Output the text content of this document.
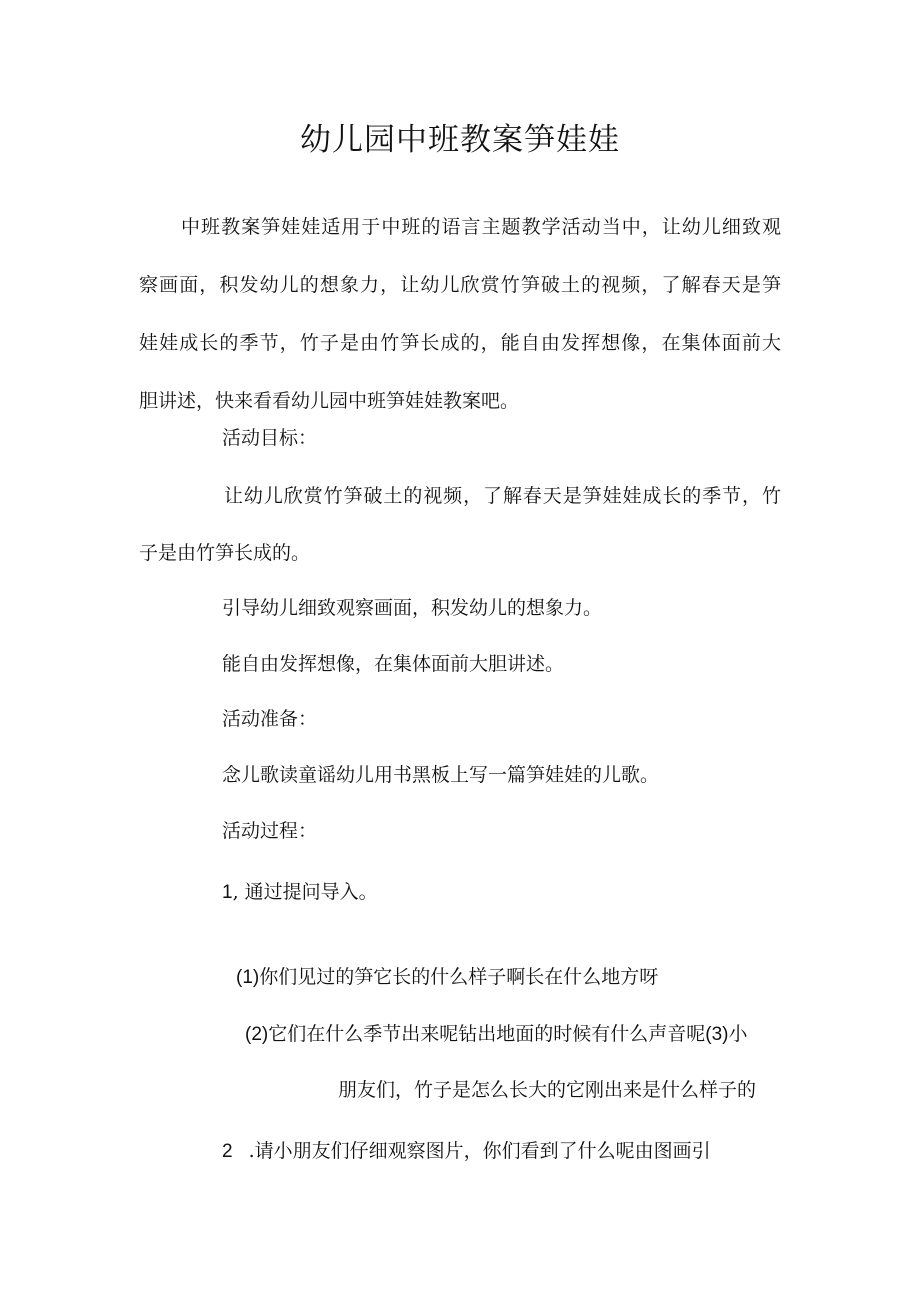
幼儿园中班教案笋娃娃
中班教案笋娃娃适用于中班的语言主题教学活动当中，让幼儿细致观
察画面，积发幼儿的想象力，让幼儿欣赏竹笋破土的视频，了解春天是笋
娃娃成长的季节，竹子是由竹笋长成的，能自由发挥想像，在集体面前大
胆讲述，快来看看幼儿园中班笋娃娃教案吧。
活动目标：
让幼儿欣赏竹笋破土的视频，了解春天是笋娃娃成长的季节，竹
子是由竹笋长成的。
引导幼儿细致观察画面，积发幼儿的想象力。
能自由发挥想像，在集体面前大胆讲述。
活动准备：
念儿歌读童谣幼儿用书黑板上写一篇笋娃娃的儿歌。
活动过程：
1, 通过提问导入。
(1)你们见过的笋它长的什么样子啊长在什么地方呀
(2)它们在什么季节出来呢钻出地面的时候有什么声音呢(3)小
朋友们，竹子是怎么长大的它刚出来是什么样子的
2 .请小朋友们仔细观察图片，你们看到了什么呢由图画引
